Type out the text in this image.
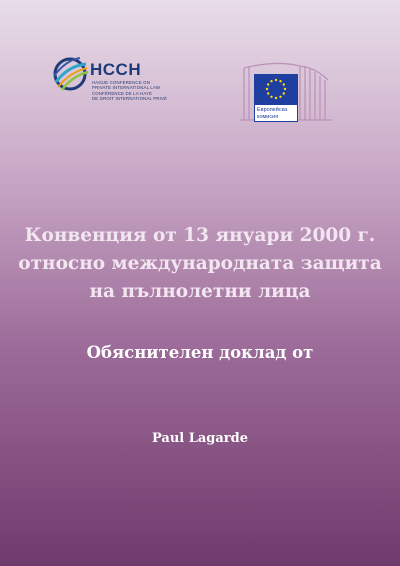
HCCH
HAGUE CONFERENCE ON
PRIVATE INTERNATIONAL LAW
CONFÉRENCE DE LA HAYE
DE DROIT INTERNATIONAL PRIVÉ
Европейска
комисия
Конвенция от 13 януари 2000 г.
относно международната защита
на пълнолетни лица
Обяснителен доклад от
Paul Lagarde
